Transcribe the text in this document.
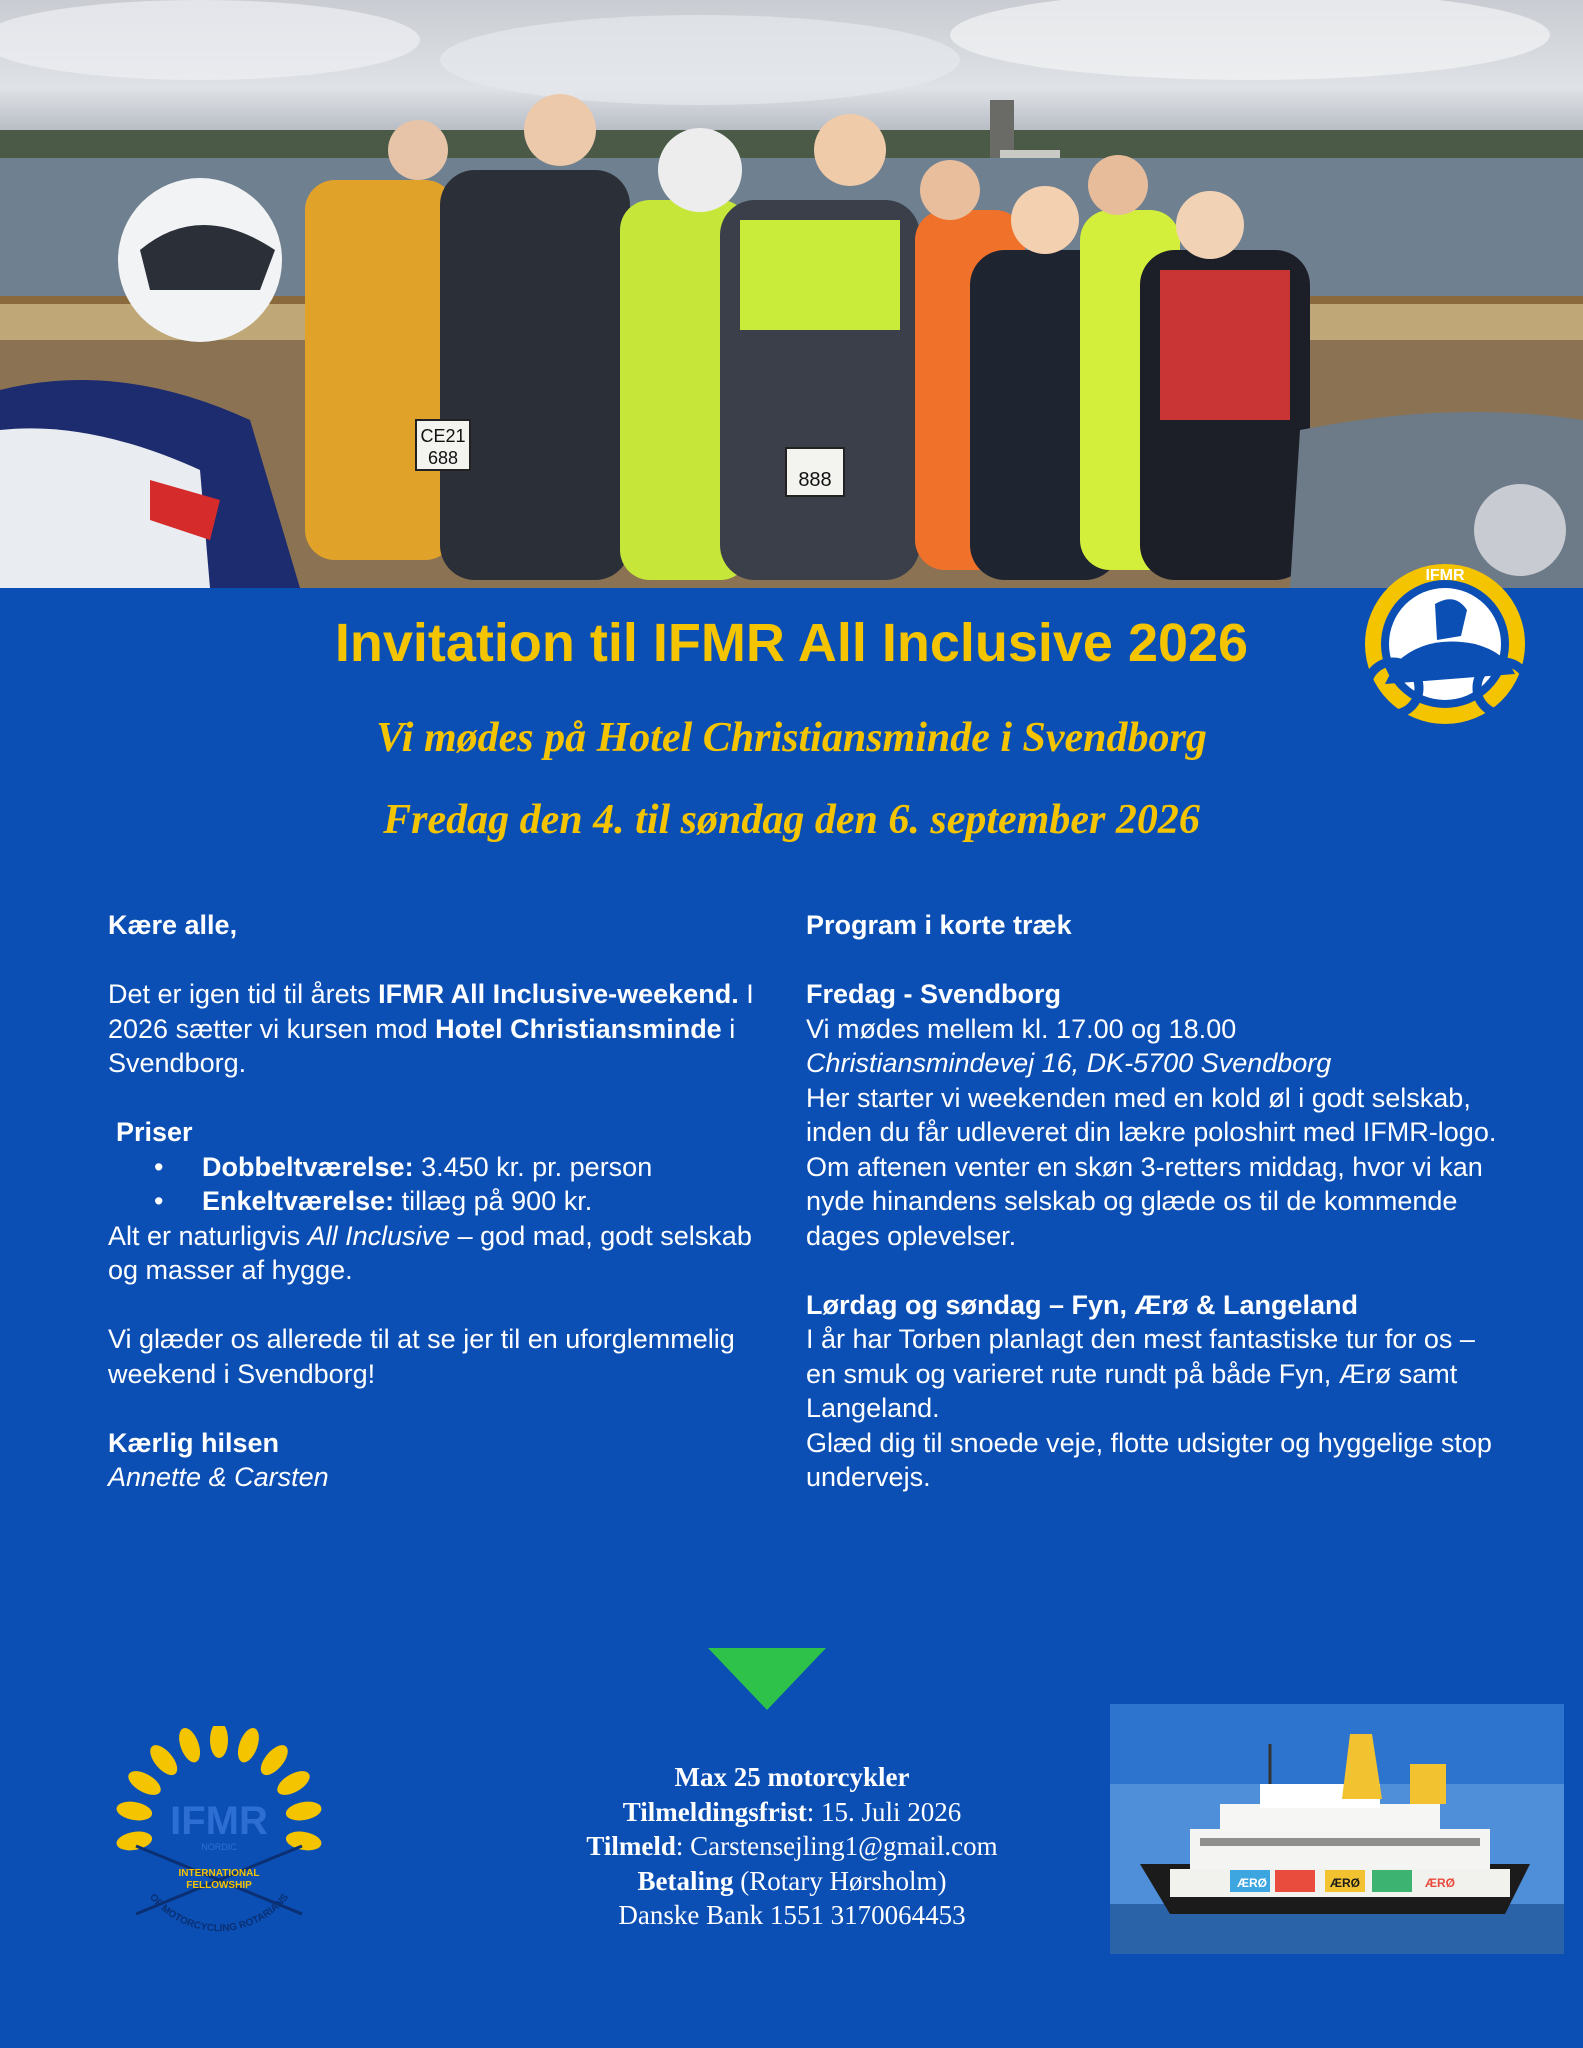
CE21
688
888
IFMR
Invitation til IFMR All Inclusive 2026

Vi mødes på Hotel Christiansminde i Svendborg

Fredag den 4. til søndag den 6. september 2026

Kære alle,

Det er igen tid til årets IFMR All Inclusive-weekend. I 2026 sætter vi kursen mod Hotel Christiansminde i Svendborg.

Priser

•	Dobbeltværelse: 3.450 kr. pr. person

•	Enkeltværelse: tillæg på 900 kr.

Alt er naturligvis All Inclusive – god mad, godt selskab og masser af hygge.

Vi glæder os allerede til at se jer til en uforglemmelig weekend i Svendborg!

Kærlig hilsen

Annette & Carsten

Program i korte træk

Fredag - Svendborg

Vi mødes mellem kl. 17.00 og 18.00

Christiansmindevej 16, DK-5700 Svendborg

Her starter vi weekenden med en kold øl i godt selskab, inden du får udleveret din lækre poloshirt med IFMR-logo.

Om aftenen venter en skøn 3-retters middag, hvor vi kan nyde hinandens selskab og glæde os til de kommende dages oplevelser.

Lørdag og søndag – Fyn, Ærø & Langeland

I år har Torben planlagt den mest fantastiske tur for os – en smuk og varieret rute rundt på både Fyn, Ærø samt Langeland.

Glæd dig til snoede veje, flotte udsigter og hyggelige stop undervejs.

IFMR
NORDIC
INTERNATIONAL
FELLOWSHIP
OF MOTORCYCLING ROTARIANS

Max 25 motorcykler

Tilmeldingsfrist: 15. Juli 2026

Tilmeld: Carstensejling1@gmail.com

Betaling (Rotary Hørsholm)

Danske Bank 1551 3170064453

ÆRØ	ÆRØ	ÆRØ
